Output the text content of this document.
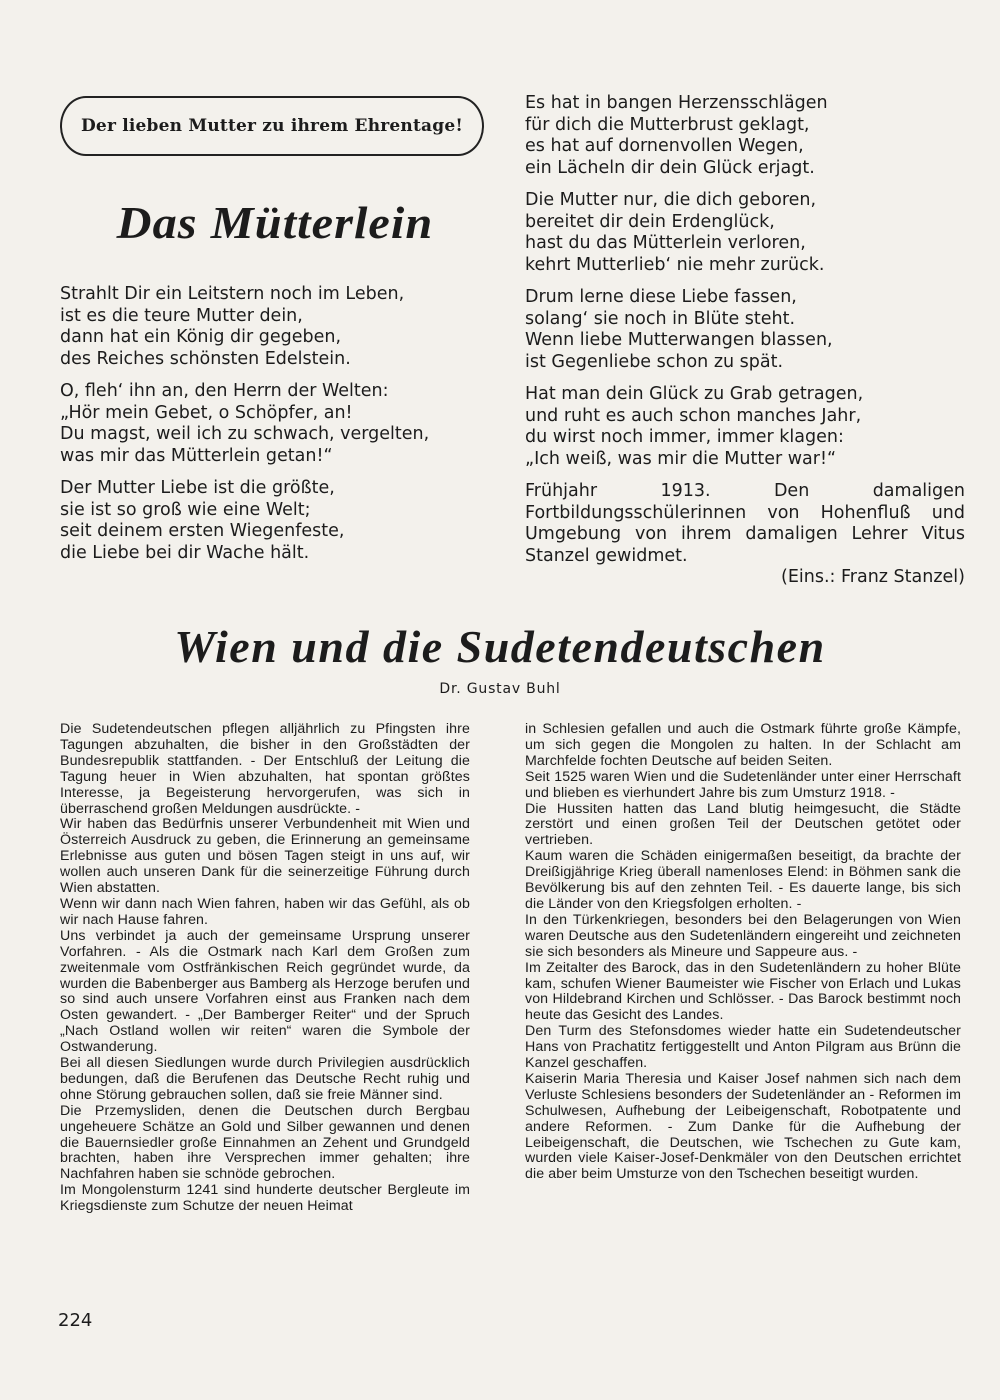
Der lieben Mutter zu ihrem Ehrentage!
Das Mütterlein
Strahlt Dir ein Leitstern noch im Leben,
ist es die teure Mutter dein,
dann hat ein König dir gegeben,
des Reiches schönsten Edelstein.
O, fleh‘ ihn an, den Herrn der Welten:
„Hör mein Gebet, o Schöpfer, an!
Du magst, weil ich zu schwach, vergelten,
was mir das Mütterlein getan!“
Der Mutter Liebe ist die größte,
sie ist so groß wie eine Welt;
seit deinem ersten Wiegenfeste,
die Liebe bei dir Wache hält.
Es hat in bangen Herzensschlägen
für dich die Mutterbrust geklagt,
es hat auf dornenvollen Wegen,
ein Lächeln dir dein Glück erjagt.
Die Mutter nur, die dich geboren,
bereitet dir dein Erdenglück,
hast du das Mütterlein verloren,
kehrt Mutterlieb‘ nie mehr zurück.
Drum lerne diese Liebe fassen,
solang‘ sie noch in Blüte steht.
Wenn liebe Mutterwangen blassen,
ist Gegenliebe schon zu spät.
Hat man dein Glück zu Grab getragen,
und ruht es auch schon manches Jahr,
du wirst noch immer, immer klagen:
„Ich weiß, was mir die Mutter war!“
Frühjahr 1913. Den damaligen Fortbildungsschülerinnen von Hohenfluß und Umgebung von ihrem damaligen Lehrer Vitus Stanzel gewidmet.
(Eins.: Franz Stanzel)
Wien und die Sudetendeutschen
Dr. Gustav Buhl

Die Sudetendeutschen pflegen alljährlich zu Pfingsten ihre Tagungen abzuhalten, die bisher in den Großstädten der Bundesrepublik stattfanden. - Der Entschluß der Leitung die Tagung heuer in Wien abzuhalten, hat spontan größtes Interesse, ja Begeisterung hervorgerufen, was sich in überraschend großen Meldungen ausdrückte. -

Wir haben das Bedürfnis unserer Verbundenheit mit Wien und Österreich Ausdruck zu geben, die Erinnerung an gemeinsame Erlebnisse aus guten und bösen Tagen steigt in uns auf, wir wollen auch unseren Dank für die seinerzeitige Führung durch Wien abstatten.

Wenn wir dann nach Wien fahren, haben wir das Gefühl, als ob wir nach Hause fahren.

Uns verbindet ja auch der gemeinsame Ursprung unserer Vorfahren. - Als die Ostmark nach Karl dem Großen zum zweitenmale vom Ostfränkischen Reich gegründet wurde, da wurden die Babenberger aus Bamberg als Herzoge berufen und so sind auch unsere Vorfahren einst aus Franken nach dem Osten gewandert. - „Der Bamberger Reiter“ und der Spruch „Nach Ostland wollen wir reiten“ waren die Symbole der Ostwanderung.

Bei all diesen Siedlungen wurde durch Privilegien ausdrücklich bedungen, daß die Berufenen das Deutsche Recht ruhig und ohne Störung gebrauchen sollen, daß sie freie Männer sind.

Die Przemysliden, denen die Deutschen durch Bergbau ungeheuere Schätze an Gold und Silber gewannen und denen die Bauernsiedler große Einnahmen an Zehent und Grundgeld brachten, haben ihre Versprechen immer gehalten; ihre Nachfahren haben sie schnöde gebrochen.

Im Mongolensturm 1241 sind hunderte deutscher Bergleute im Kriegsdienste zum Schutze der neuen Heimat

in Schlesien gefallen und auch die Ostmark führte große Kämpfe, um sich gegen die Mongolen zu halten. In der Schlacht am Marchfelde fochten Deutsche auf beiden Seiten.

Seit 1525 waren Wien und die Sudetenländer unter einer Herrschaft und blieben es vierhundert Jahre bis zum Umsturz 1918. -

Die Hussiten hatten das Land blutig heimgesucht, die Städte zerstört und einen großen Teil der Deutschen getötet oder vertrieben.

Kaum waren die Schäden einigermaßen beseitigt, da brachte der Dreißigjährige Krieg überall namenloses Elend: in Böhmen sank die Bevölkerung bis auf den zehnten Teil. - Es dauerte lange, bis sich die Länder von den Kriegsfolgen erholten. -

In den Türkenkriegen, besonders bei den Belagerungen von Wien waren Deutsche aus den Sudetenländern eingereiht und zeichneten sie sich besonders als Mineure und Sappeure aus. -

Im Zeitalter des Barock, das in den Sudetenländern zu hoher Blüte kam, schufen Wiener Baumeister wie Fischer von Erlach und Lukas von Hildebrand Kirchen und Schlösser. - Das Barock bestimmt noch heute das Gesicht des Landes.

Den Turm des Stefonsdomes wieder hatte ein Sudetendeutscher Hans von Prachatitz fertiggestellt und Anton Pilgram aus Brünn die Kanzel geschaffen.

Kaiserin Maria Theresia und Kaiser Josef nahmen sich nach dem Verluste Schlesiens besonders der Sudetenländer an - Reformen im Schulwesen, Aufhebung der Leibeigenschaft, Robotpatente und andere Reformen. - Zum Danke für die Aufhebung der Leibeigenschaft, die Deutschen, wie Tschechen zu Gute kam, wurden viele Kaiser-Josef-Denkmäler von den Deutschen errichtet die aber beim Umsturze von den Tschechen beseitigt wurden.

224
